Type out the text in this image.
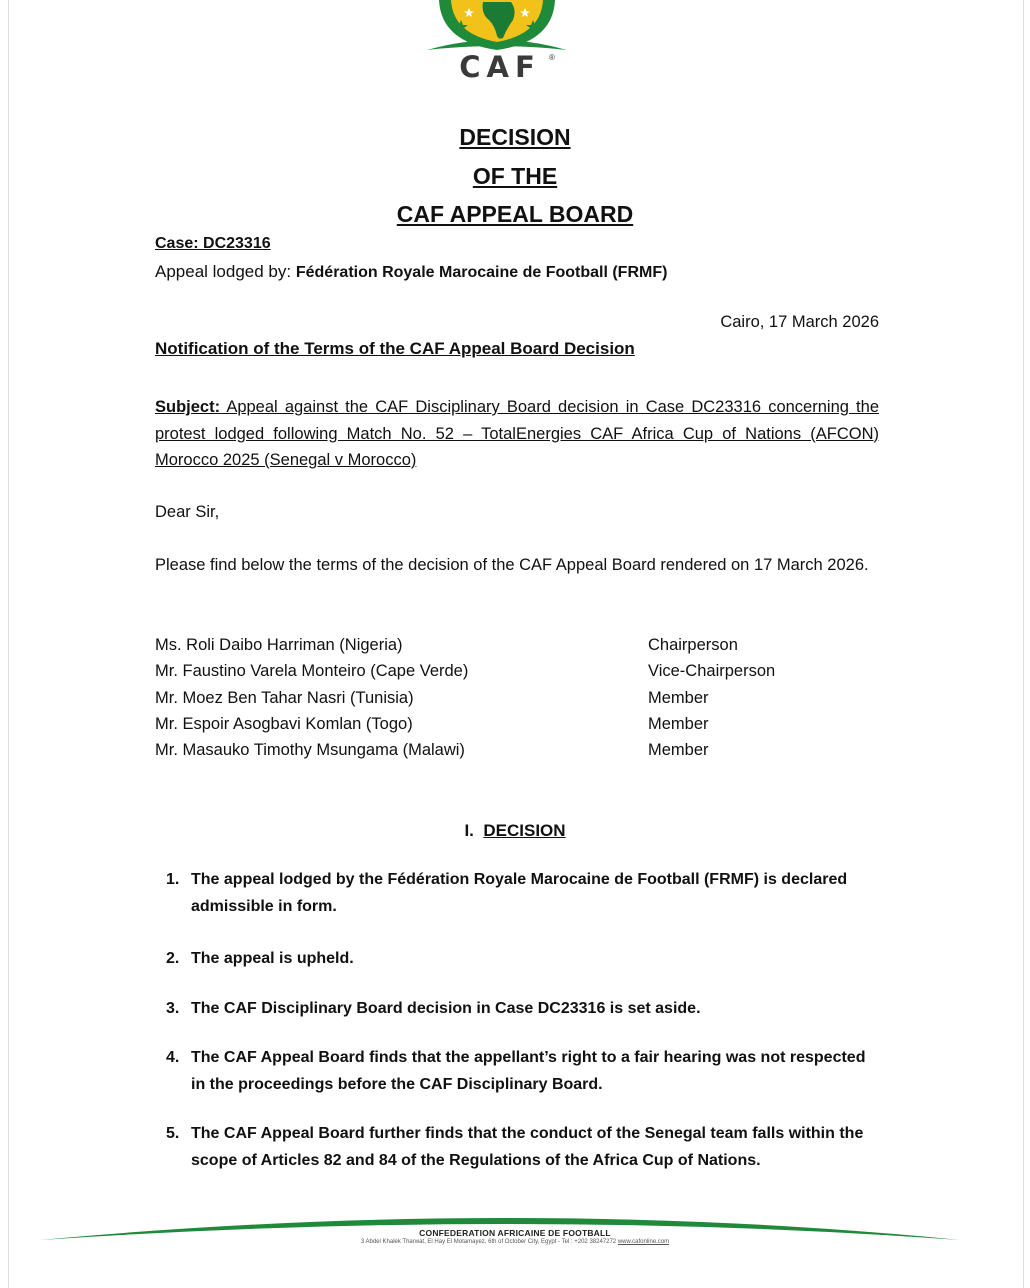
CAF	®
DECISION
OF THE
CAF APPEAL BOARD
Case: DC23316
Appeal lodged by: Fédération Royale Marocaine de Football (FRMF)
Cairo, 17 March 2026
Notification of the Terms of the CAF Appeal Board Decision
Subject: Appeal against the CAF Disciplinary Board decision in Case DC23316 concerning the protest lodged following Match No. 52 – TotalEnergies CAF Africa Cup of Nations (AFCON) Morocco 2025 (Senegal v Morocco)
Dear Sir,
Please find below the terms of the decision of the CAF Appeal Board rendered on 17 March 2026.
Ms. Roli Daibo Harriman (Nigeria)	Chairperson
Mr. Faustino Varela Monteiro (Cape Verde)	Vice-Chairperson
Mr. Moez Ben Tahar Nasri (Tunisia)	Member
Mr. Espoir Asogbavi Komlan (Togo)	Member
Mr. Masauko Timothy Msungama (Malawi)	Member
I. DECISION
1. The appeal lodged by the Fédération Royale Marocaine de Football (FRMF) is declared admissible in form.
2. The appeal is upheld.
3. The CAF Disciplinary Board decision in Case DC23316 is set aside.
4. The CAF Appeal Board finds that the appellant’s right to a fair hearing was not respected in the proceedings before the CAF Disciplinary Board.
5. The CAF Appeal Board further finds that the conduct of the Senegal team falls within the scope of Articles 82 and 84 of the Regulations of the Africa Cup of Nations.
CONFEDERATION AFRICAINE DE FOOTBALL
3 Abdel Khalek Tharwat, El Hay El Motamayez, 6th of October City, Egypt - Tel : +202 38247272 www.cafonline.com
